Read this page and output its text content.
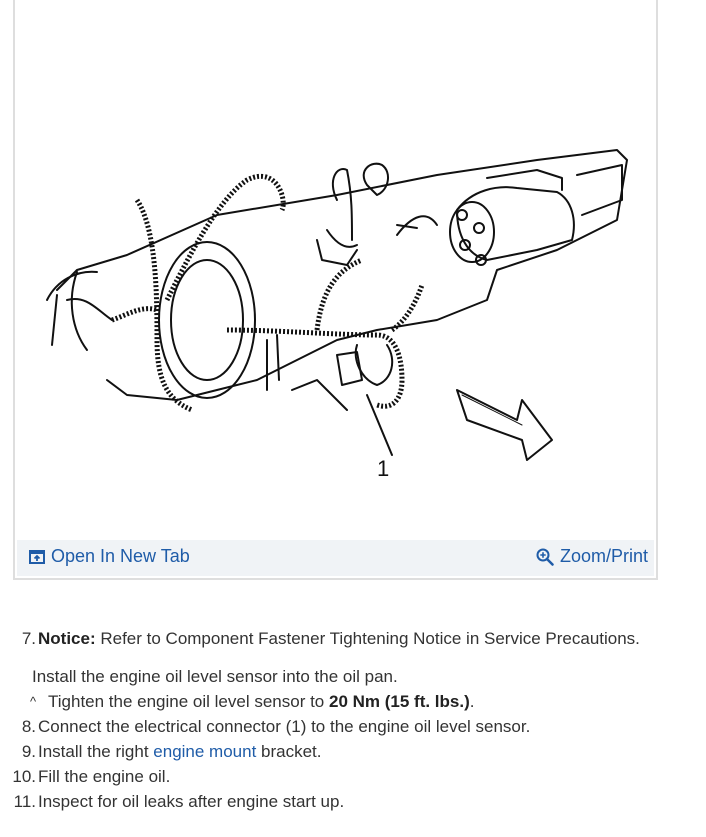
1
Open In New Tab	Zoom/Print
7. Notice: Refer to Component Fastener Tightening Notice in Service Precautions.
Install the engine oil level sensor into the oil pan.
^ Tighten the engine oil level sensor to 20 Nm (15 ft. lbs.).
8. Connect the electrical connector (1) to the engine oil level sensor.
9. Install the right engine mount bracket.
10. Fill the engine oil.
11. Inspect for oil leaks after engine start up.
